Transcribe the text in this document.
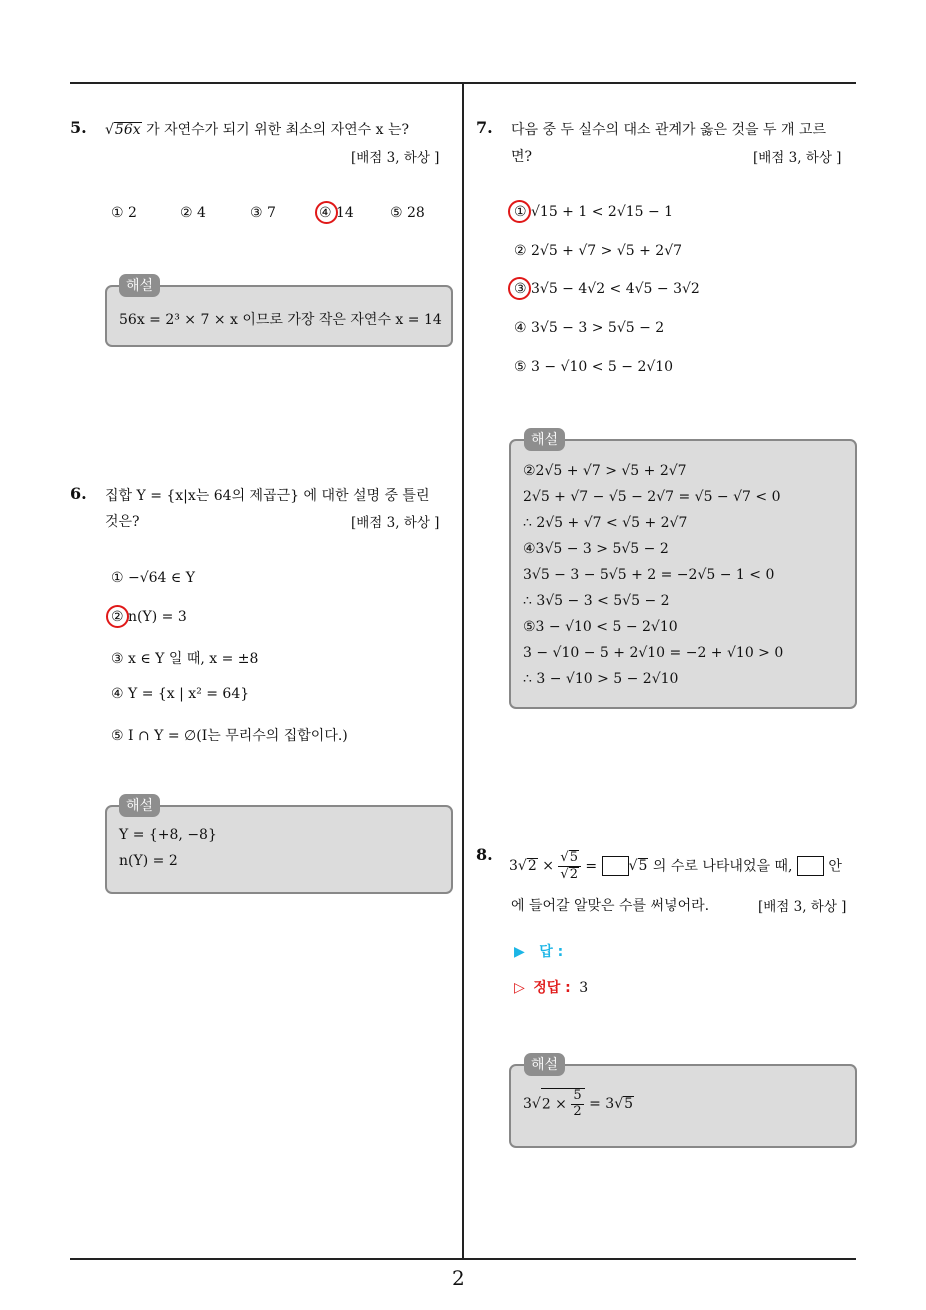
2
5. √56x 가 자연수가 되기 위한 최소의 자연수 x 는?
[배점 3, 하상 ]
① 2	② 4	③ 7	④ 14	⑤ 28
56x = 2³ × 7 × x 이므로 가장 작은 자연수 x = 14
해설
6. 집합 Y = {x|x는 64의 제곱근} 에 대한 설명 중 틀린
것은?	[배점 3, 하상 ]
① −√64 ∈ Y
② n(Y) = 3
③ x ∈ Y 일 때, x = ±8
④ Y = {x | x² = 64}
⑤ I ∩ Y = ∅(I는 무리수의 집합이다.)
Y = {+8, −8}
n(Y) = 2
해설
7. 다음 중 두 실수의 대소 관계가 옳은 것을 두 개 고르
면?	[배점 3, 하상 ]
① √15 + 1 < 2√15 − 1
② 2√5 + √7 > √5 + 2√7
③ 3√5 − 4√2 < 4√5 − 3√2
④ 3√5 − 3 > 5√5 − 2
⑤ 3 − √10 < 5 − 2√10
②2√5 + √7 > √5 + 2√7
2√5 + √7 − √5 − 2√7 = √5 − √7 < 0
∴ 2√5 + √7 < √5 + 2√7
④3√5 − 3 > 5√5 − 2
3√5 − 3 − 5√5 + 2 = −2√5 − 1 < 0
∴ 3√5 − 3 < 5√5 − 2
⑤3 − √10 < 5 − 2√10
3 − √10 − 5 + 2√10 = −2 + √10 > 0
∴ 3 − √10 > 5 − 2√10
해설
8.
$3√2 \times \frac{√5}{√2} = √5$ 의 수로 나타내었을 때,	안
에 들어갈 알맞은 수를 써넣어라.	[배점 3, 하상 ]
▶ 답 :
▷ 정답 : 3
$3√2 \times \frac{5}{2} = 3√5$
해설
